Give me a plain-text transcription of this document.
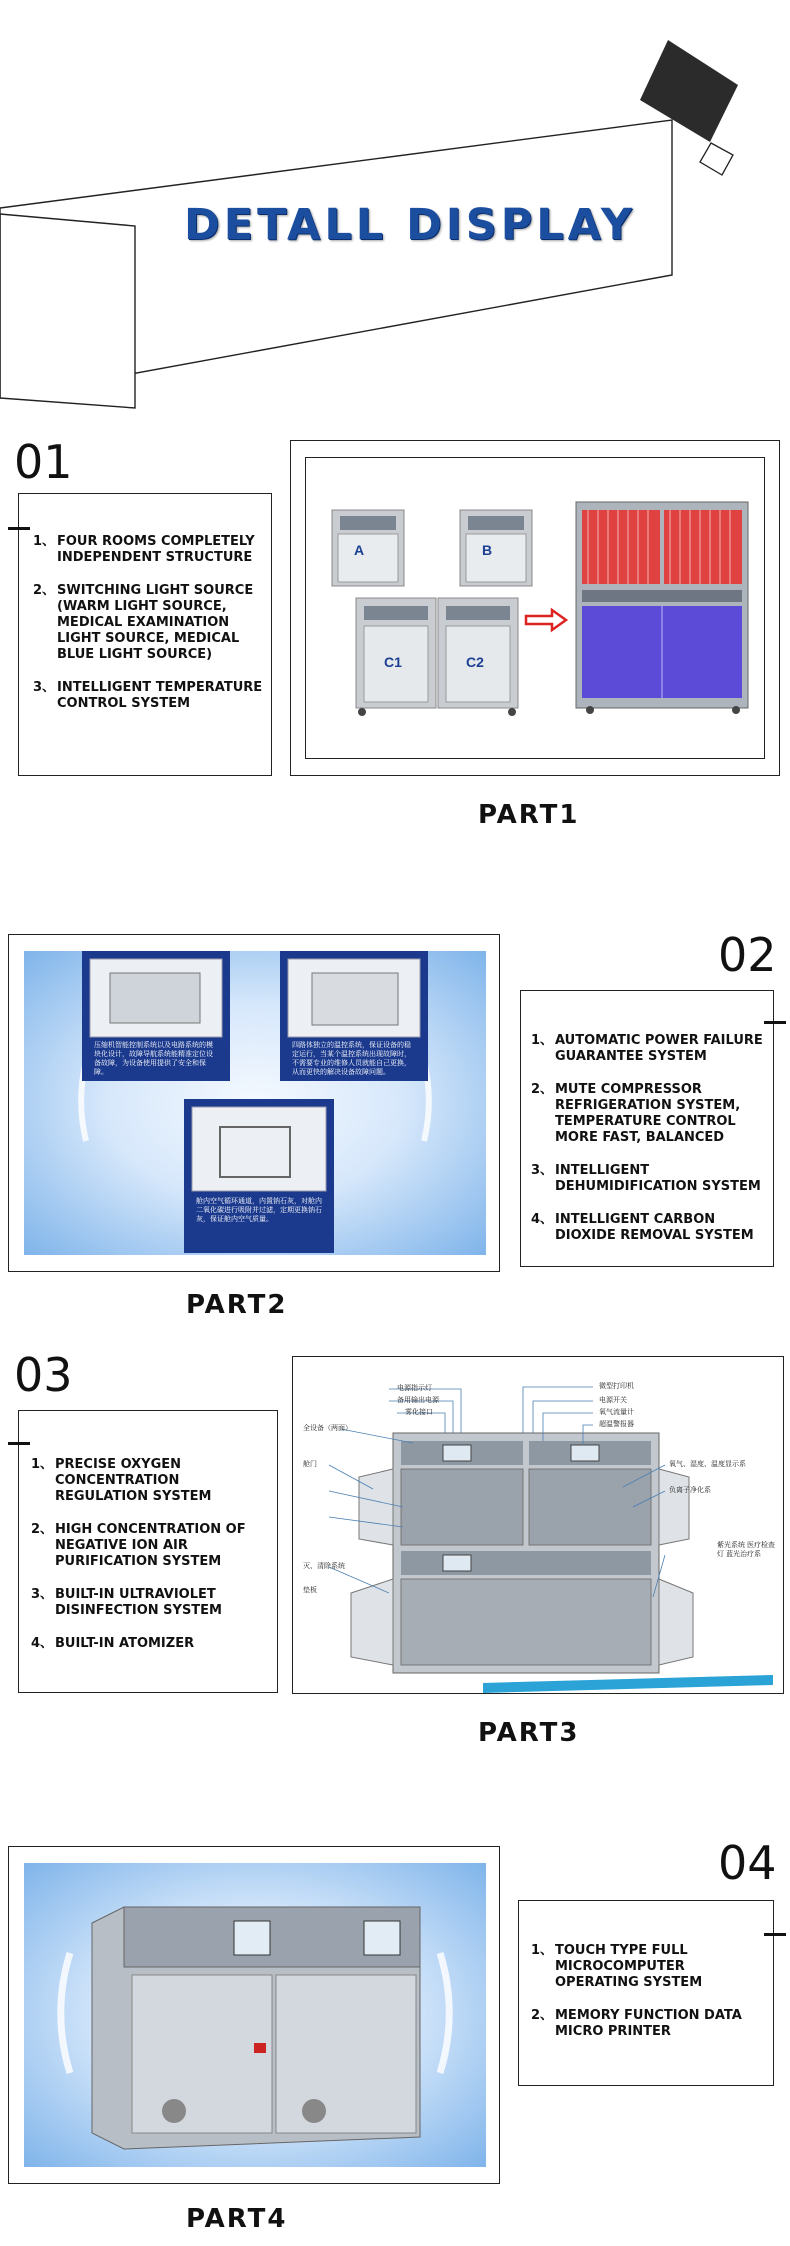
DETALL DISPLAY
01
1、 FOUR ROOMS COMPLETELY INDEPENDENT STRUCTURE
2、 SWITCHING LIGHT SOURCE (WARM LIGHT SOURCE, MEDICAL EXAMINATION LIGHT SOURCE, MEDICAL BLUE LIGHT SOURCE)
3、 INTELLIGENT TEMPERATURE CONTROL SYSTEM
A	B
C1	C2
PART1
压缩机智能控制系统以及电路系统的模块化设计，故障导航系统能精准定位设备故障，为设备使用提供了安全和保障。
四路体独立的温控系统，保证设备的稳定运行，当某个温控系统出现故障时，不需要专业的维修人员就能自己更换，从而更快的解决设备故障问题。
舱内空气循环通道，内置钠石灰，对舱内二氧化碳进行吸附并过滤，定期更换钠石灰，保证舱内空气质量。
02
1、 AUTOMATIC POWER FAILURE GUARANTEE SYSTEM
2、 MUTE COMPRESSOR REFRIGERATION SYSTEM, TEMPERATURE CONTROL MORE FAST, BALANCED
3、 INTELLIGENT DEHUMIDIFICATION SYSTEM
4、 INTELLIGENT CARBON DIOXIDE REMOVAL SYSTEM
PART2
03
1、 PRECISE OXYGEN CONCENTRATION REGULATION SYSTEM
2、 HIGH CONCENTRATION OF NEGATIVE ION AIR PURIFICATION SYSTEM
3、 BUILT-IN ULTRAVIOLET DISINFECTION SYSTEM
4、 BUILT-IN ATOMIZER
电源指示灯
备用输出电源
雾化接口
全设备（两面）
舱门
灭、清除系统
垫板
微型打印机
电源开关
氧气流量计
超温警报器
氧气、湿度、温度显示系
负离子净化系
紫光系统 医疗检查灯 蓝光治疗系
PART3
04
1、 TOUCH TYPE FULL MICROCOMPUTER OPERATING SYSTEM
2、 MEMORY FUNCTION DATA MICRO PRINTER
PART4
